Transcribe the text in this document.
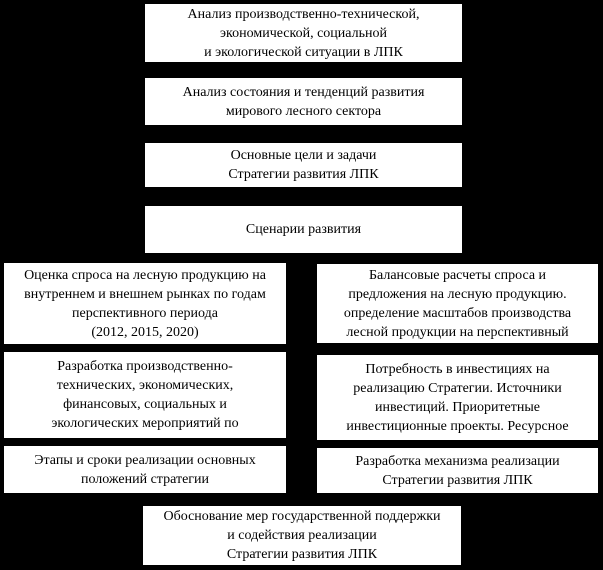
Анализ производственно-технической,
экономической, социальной
и экологической ситуации в ЛПК
Анализ состояния и тенденций развития
мирового лесного сектора
Основные цели и задачи
Стратегии развития ЛПК
Сценарии развития
Оценка спроса на лесную продукцию на
внутреннем и внешнем рынках по годам
перспективного периода
(2012, 2015, 2020)
Балансовые расчеты спроса и
предложения на лесную продукцию.
определение масштабов производства
лесной продукции на перспективный
Разработка производственно-
технических, экономических,
финансовых, социальных и
экологических мероприятий по
Потребность в инвестициях на
реализацию Стратегии. Источники
инвестиций. Приоритетные
инвестиционные проекты. Ресурсное
Этапы и сроки реализации основных
положений стратегии
Разработка механизма реализации
Стратегии развития ЛПК
Обоснование мер государственной поддержки
и содействия реализации
Стратегии развития ЛПК
